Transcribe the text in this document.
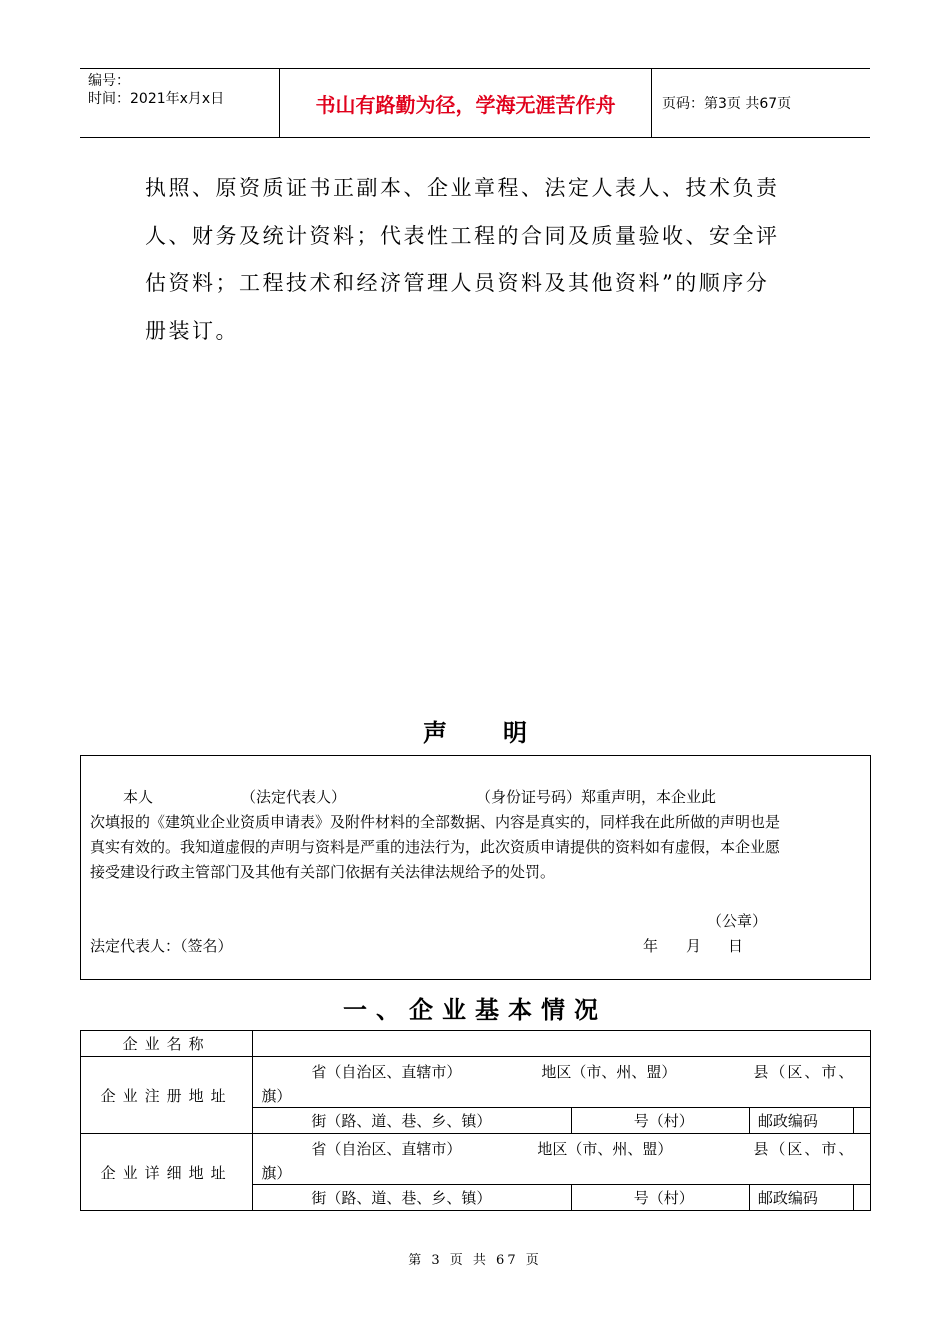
编号：
时间：2021年x月x日	书山有路勤为径，学海无涯苦作舟	页码：第3页 共67页

执照、原资质证书正副本、企业章程、法定人表人、技术负责

人、财务及统计资料；代表性工程的合同及质量验收、安全评

估资料；工程技术和经济管理人员资料及其他资料”的顺序分

册装订。

声明
本人	（法定代表人）	（身份证号码）郑重声明，本企业此
次填报的《建筑业企业资质申请表》及附件材料的全部数据、内容是真实的，同样我在此所做的声明也是
真实有效的。我知道虚假的声明与资料是严重的违法行为，此次资质申请提供的资料如有虚假，本企业愿
接受建设行政主管部门及其他有关部门依据有关法律法规给予的处罚。
（公章）
法定代表人：（签名）	年 月 日
一、企业基本情况
企业名称				
企业注册地址	省（自治区、直辖市） 地区（市、州、盟） 县（区、市、
旗）			

	街（路、道、巷、乡、镇）	号（村）	邮政编码	
企业详细地址	省（自治区、直辖市） 地区（市、州、盟） 县（区、市、
旗）			

	街（路、道、巷、乡、镇）	号（村）	邮政编码	
第 3 页 共 67 页
